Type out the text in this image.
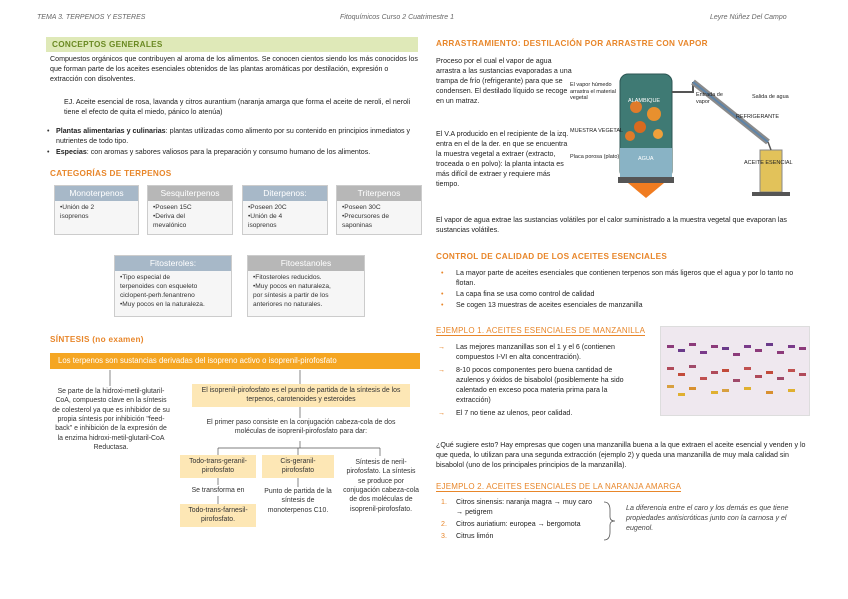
TEMA 3. TERPENOS Y ESTERES	Fitoquímicos Curso 2 Cuatrimestre 1	Leyre Núñez Del Campo
CONCEPTOS GENERALES
Compuestos orgánicos que contribuyen al aroma de los alimentos. Se conocen cientos siendo los más conocidos los que forman parte de los aceites esenciales obtenidos de las plantas aromáticas por destilación, expresión o extracción con disolventes.
EJ. Aceite esencial de rosa, lavanda y citros aurantium (naranja amarga que forma el aceite de neroli, el neroli tiene el efecto de quita el miedo, pánico lo atenúa)
• Plantas alimentarias y culinarias: plantas utilizadas como alimento por su contenido en principios inmediatos y nutrientes de todo tipo.
• Especias: con aromas y sabores valiosos para la preparación y consumo humano de los alimentos.
CATEGORÍAS DE TERPENOS
Monoterpenos
•Unión de 2
isoprenos
Sesquiterpenos
•Poseen 15C
•Deriva del
mevalónico
Diterpenos:
•Poseen 20C
•Unión de 4
isoprenos
Triterpenos
•Poseen 30C
•Precursores de
saponinas
Fitosteroles:
•Tipo especial de
terpenoides con esqueleto
ciclopent-perh.fenantreno
•Muy pocos en la naturaleza.
Fitoestanoles
•Fitosteroles reducidos.
•Muy pocos en naturaleza,
por síntesis a partir de los
anteriores no naturales.
SÍNTESIS (no examen)
Los terpenos son sustancias derivadas del isopreno activo o isoprenil-pirofosfato
Se parte de la hidroxi-metil-glutaril-CoA, compuesto clave en la síntesis de colesterol ya que es inhibidor de su propia síntesis por inhibición "feed-back" e inhibición de la expresión de la enzima hidroxi-metil-glutaril-CoA Reductasa.
El isoprenil-pirofosfato es el punto de partida de la síntesis de los terpenos, carotenoides y esteroides
El primer paso consiste en la conjugación cabeza-cola de dos moléculas de isoprenil-pirofosfato para dar:
Todo-trans-geranil-pirofosfato
Cis-geranil-pirofosfato
Síntesis de neril-pirofosfato. La síntesis se produce por conjugación cabeza-cola de dos moléculas de isoprenil-pirofosfato.
Se transforma en
Todo-trans-farnesil-pirofosfato.
Punto de partida de la síntesis de monoterpenos C10.
ARRASTRAMIENTO: DESTILACIÓN POR ARRASTRE CON VAPOR
Proceso por el cual el vapor de agua arrastra a las sustancias evaporadas a una trampa de frío (refrigerante) para que se condensen. El destilado líquido se recoge en un matraz.
El V.A producido en el recipiente de la izq. entra en el de la der. en que se encuentra la muestra vegetal a extraer (extracto, troceada o en polvo): la planta intacta es más difícil de extraer y requiere más tiempo.
El vapor húmedo arrastra el material vegetal	ALAMBIQUE
Entrada de vapor
Salida de agua
REFRIGERANTE
MUESTRA VEGETAL
AGUA
Placa porosa (plato)
ACEITE ESENCIAL
El vapor de agua extrae las sustancias volátiles por el calor suministrado a la muestra vegetal que evaporan las sustancias volátiles.
CONTROL DE CALIDAD DE LOS ACEITES ESENCIALES
• La mayor parte de aceites esenciales que contienen terpenos son más ligeros que el agua y por lo tanto no flotan.
• La capa fina se usa como control de calidad
• Se cogen 13 muestras de aceites esenciales de manzanilla
EJEMPLO 1. ACEITES ESENCIALES DE MANZANILLA
→ Las mejores manzanillas son el 1 y el 6 (contienen compuestos I-VI en alta concentración).
→ 8-10 pocos componentes pero buena cantidad de azulenos y óxidos de bisabolol (posiblemente ha sido calentado en exceso poca materia prima para la extracción)
→ El 7 no tiene az ulenos, peor calidad.
¿Qué sugiere esto? Hay empresas que cogen una manzanilla buena a la que extraen el aceite esencial y venden y lo que queda, lo utilizan para una segunda extracción (ejemplo 2) y queda una manzanilla de muy mala calidad sin bisabolol (uno de los principales principios de la manzanilla).
EJEMPLO 2. ACEITES ESENCIALES DE LA NARANJA AMARGA
1. Citros sinensis: naranja magra → muy caro → petigrem
2. Citros auriatium: europea → bergomota
3. Citrus limón
La diferencia entre el caro y los demás es que tiene propiedades antisicróticas junto con la carnosa y el eugenol.
